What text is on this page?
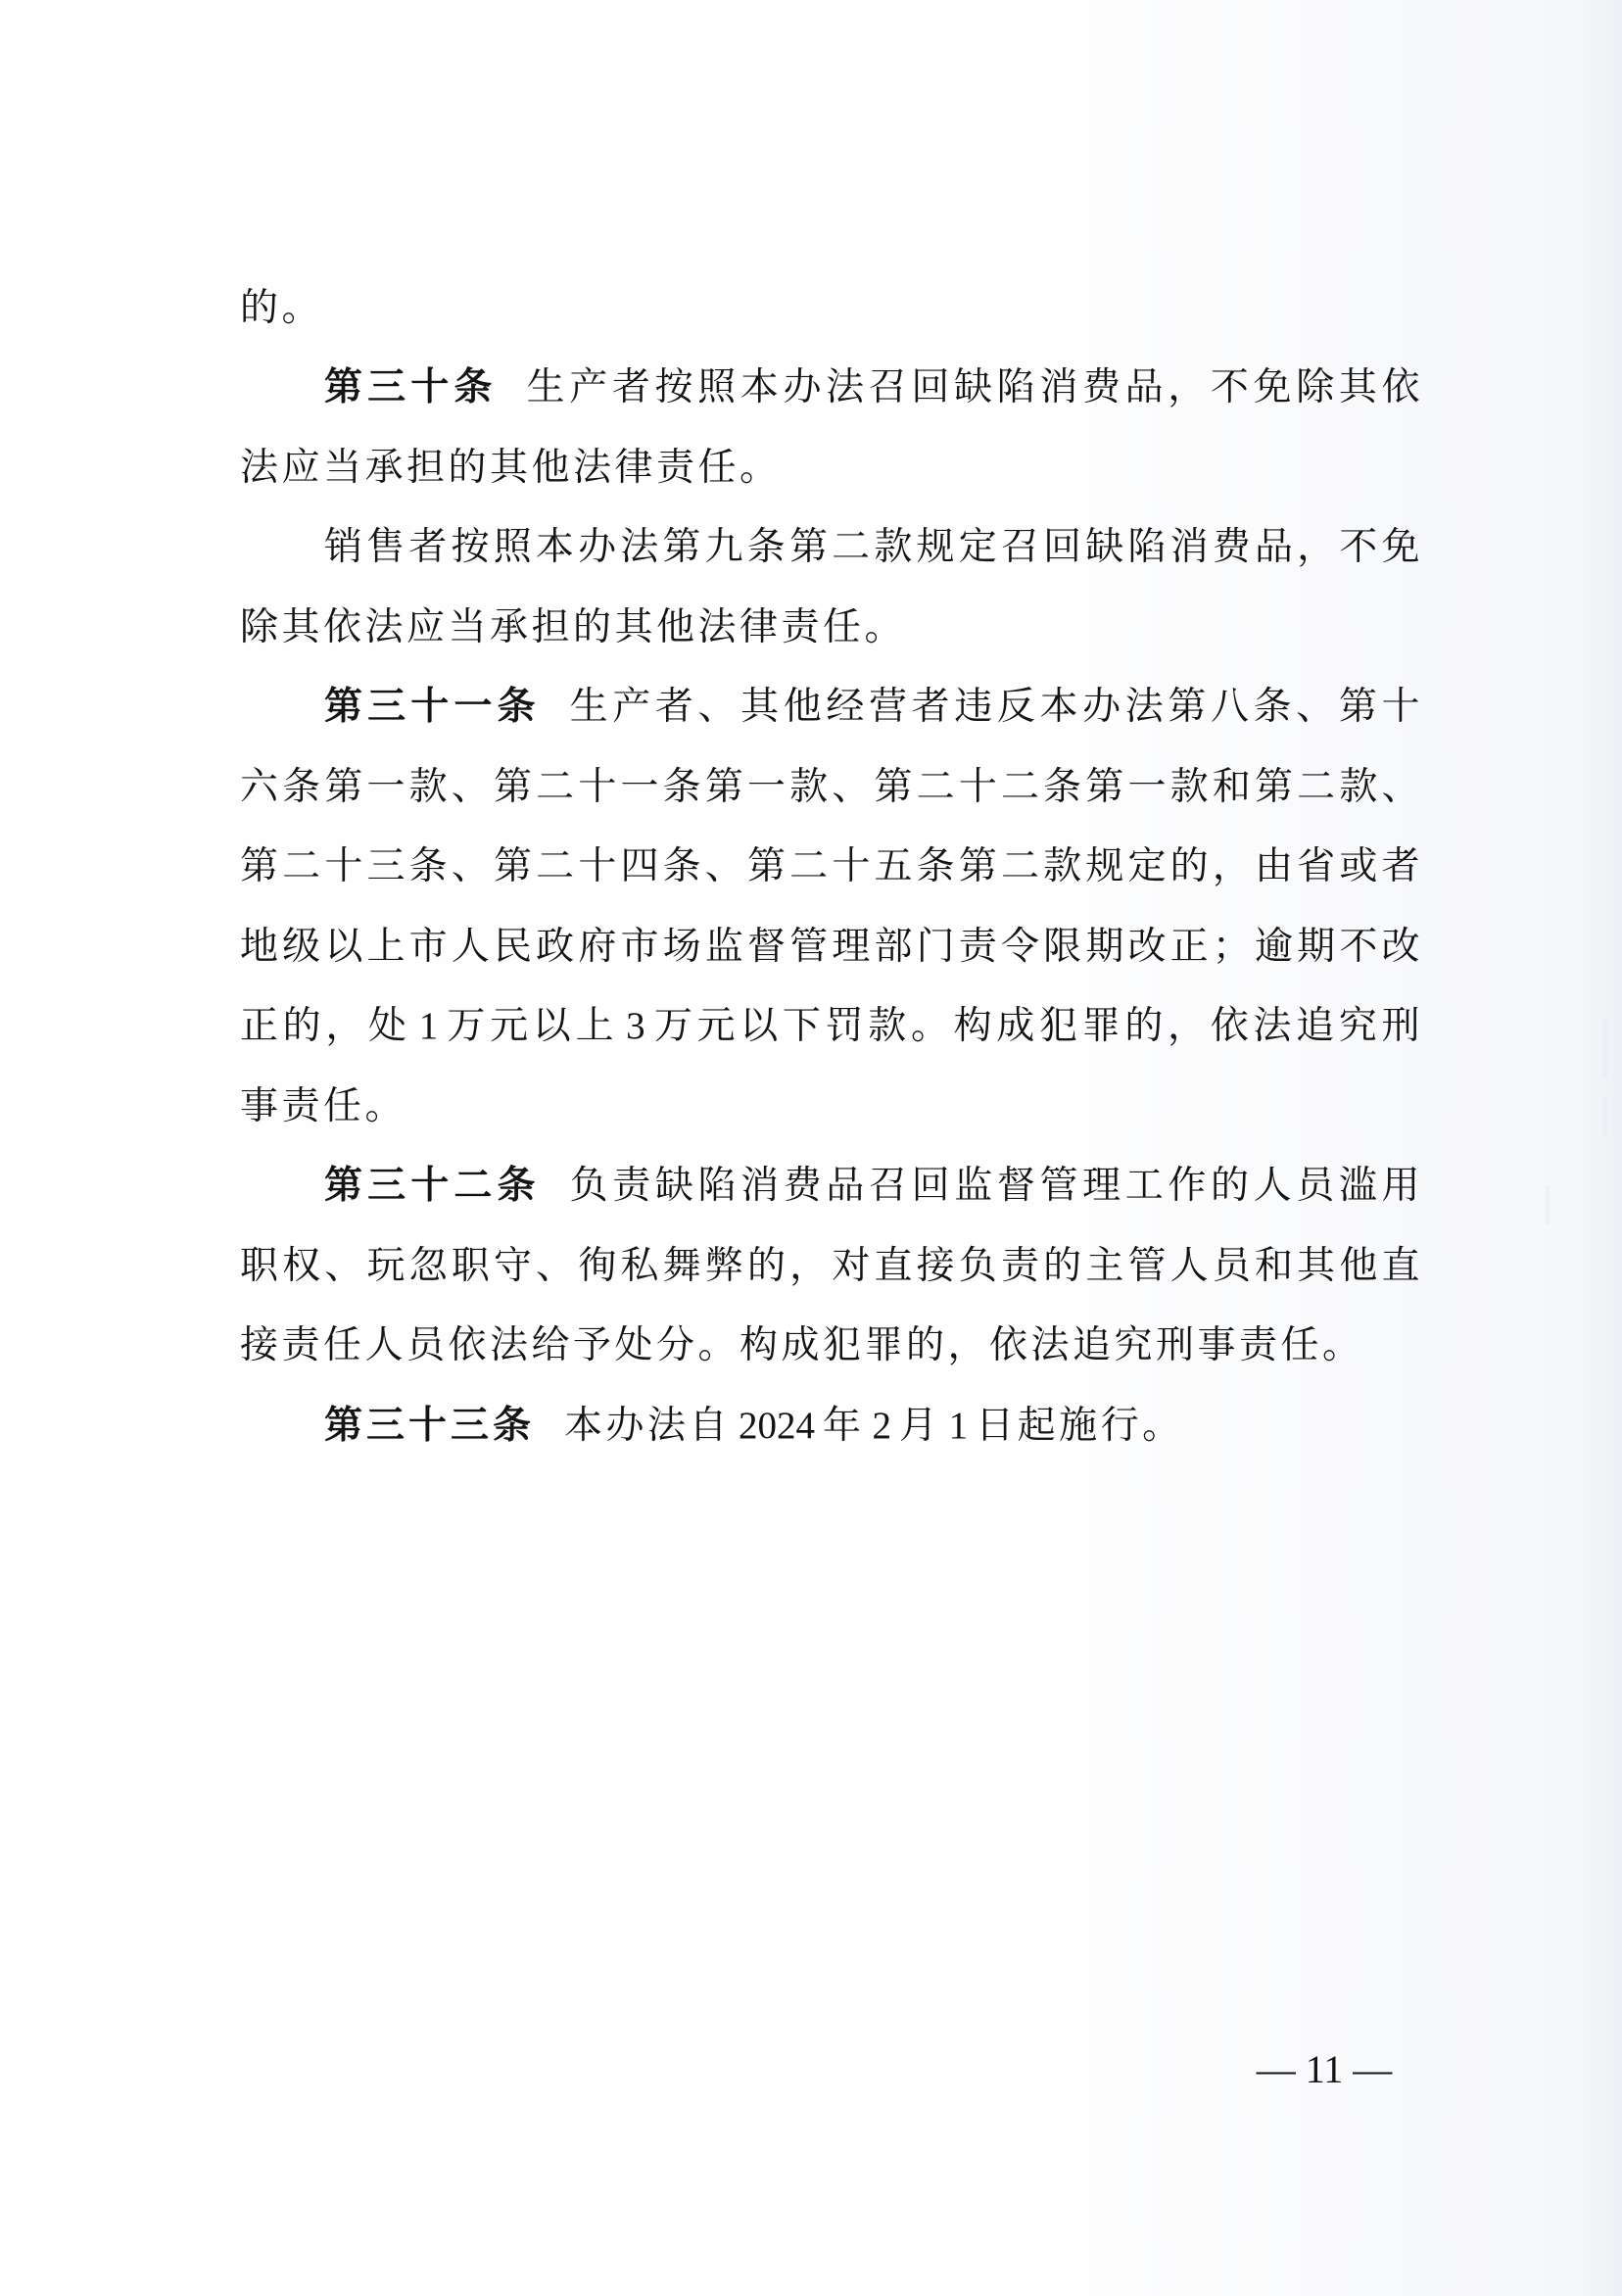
的。
第三十条 生产者按照本办法召回缺陷消费品，不免除其依
法应当承担的其他法律责任。
销售者按照本办法第九条第二款规定召回缺陷消费品，不免
除其依法应当承担的其他法律责任。
第三十一条 生产者、其他经营者违反本办法第八条、第十
六条第一款、第二十一条第一款、第二十二条第一款和第二款、
第二十三条、第二十四条、第二十五条第二款规定的，由省或者
地级以上市人民政府市场监督管理部门责令限期改正；逾期不改
正的，处 1 万元以上 3 万元以下罚款。构成犯罪的，依法追究刑
事责任。
第三十二条 负责缺陷消费品召回监督管理工作的人员滥用
职权、玩忽职守、徇私舞弊的，对直接负责的主管人员和其他直
接责任人员依法给予处分。构成犯罪的，依法追究刑事责任。
第三十三条 本办法自 2024 年 2 月 1 日起施行。
— 11 —
